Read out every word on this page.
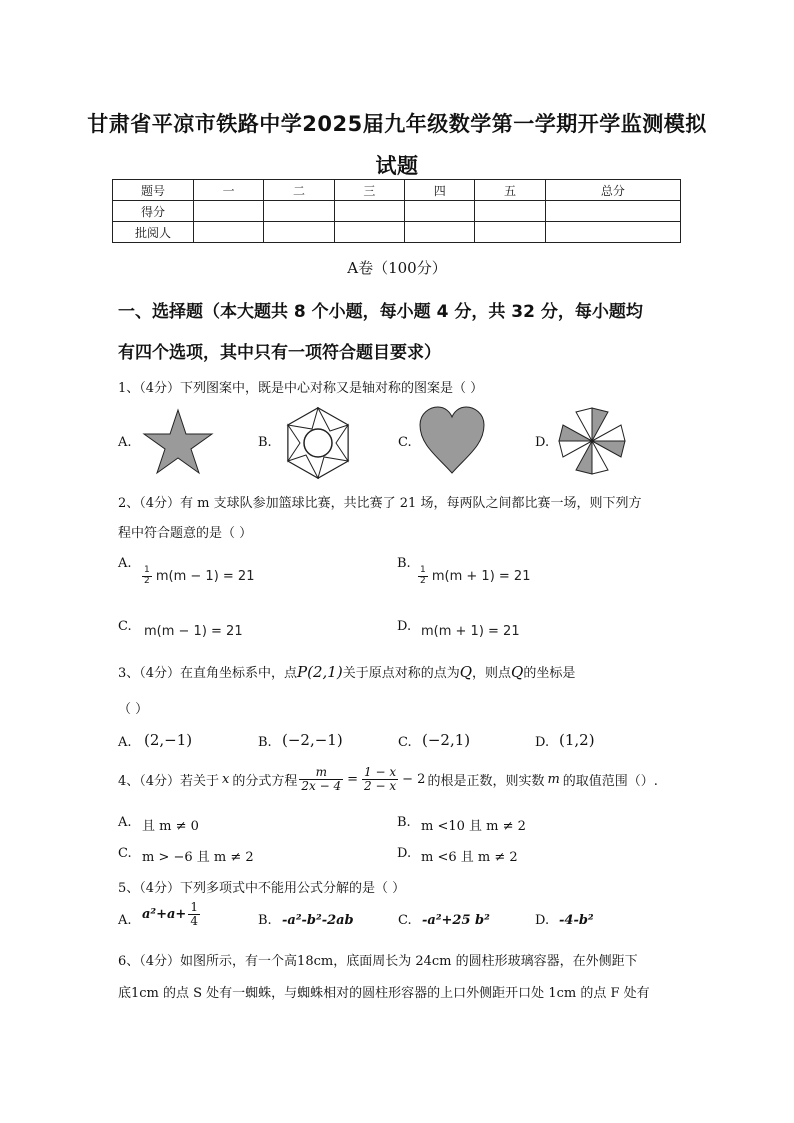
甘肃省平凉市铁路中学2025届九年级数学第一学期开学监测模拟
试题
题号	一	二	三	四	五	总分
得分						
批阅人						
A卷（100分）
一、选择题（本大题共 8 个小题，每小题 4 分，共 32 分，每小题均
有四个选项，其中只有一项符合题目要求）
1、（4分）下列图案中，既是中心对称又是轴对称的图案是（ ）
A.	B.	C.	D.
2、（4分）有 m 支球队参加篮球比赛，共比赛了 21 场，每两队之间都比赛一场，则下列方
程中符合题意的是（ ）
A.
$\frac{1}{2} m(m - 1) = 21$
B.
$\frac{1}{2} m(m + 1) = 21$
C. m(m − 1) = 21	D. m(m + 1) = 21
3、（4分）在直角坐标系中，点P(2,1)关于原点对称的点为Q，则点Q的坐标是
（ ）
A. (2,−1)	B. (−2,−1)	C. (−2,1)	D. (1,2)
4、（4分）若关于 x 的分式方程 $\frac{m}{2x - 4} = \frac{1 - x}{2 - x} - 2$ 的根是正数，则实数 m 的取值范围（）.
A. 且 m ≠ 0	B. m <10 且 m ≠ 2
C. m > −6 且 m ≠ 2	D. m <6 且 m ≠ 2
5、（4分）下列多项式中不能用公式分解的是（ ）
A. $a^2+a+ \frac{1}{4}$	B. -a²-b²-2ab	C. -a²+25 b²	D. -4-b²
6、（4分）如图所示，有一个高18cm，底面周长为 24cm 的圆柱形玻璃容器，在外侧距下
底1cm 的点 S 处有一蜘蛛，与蜘蛛相对的圆柱形容器的上口外侧距开口处 1cm 的点 F 处有
